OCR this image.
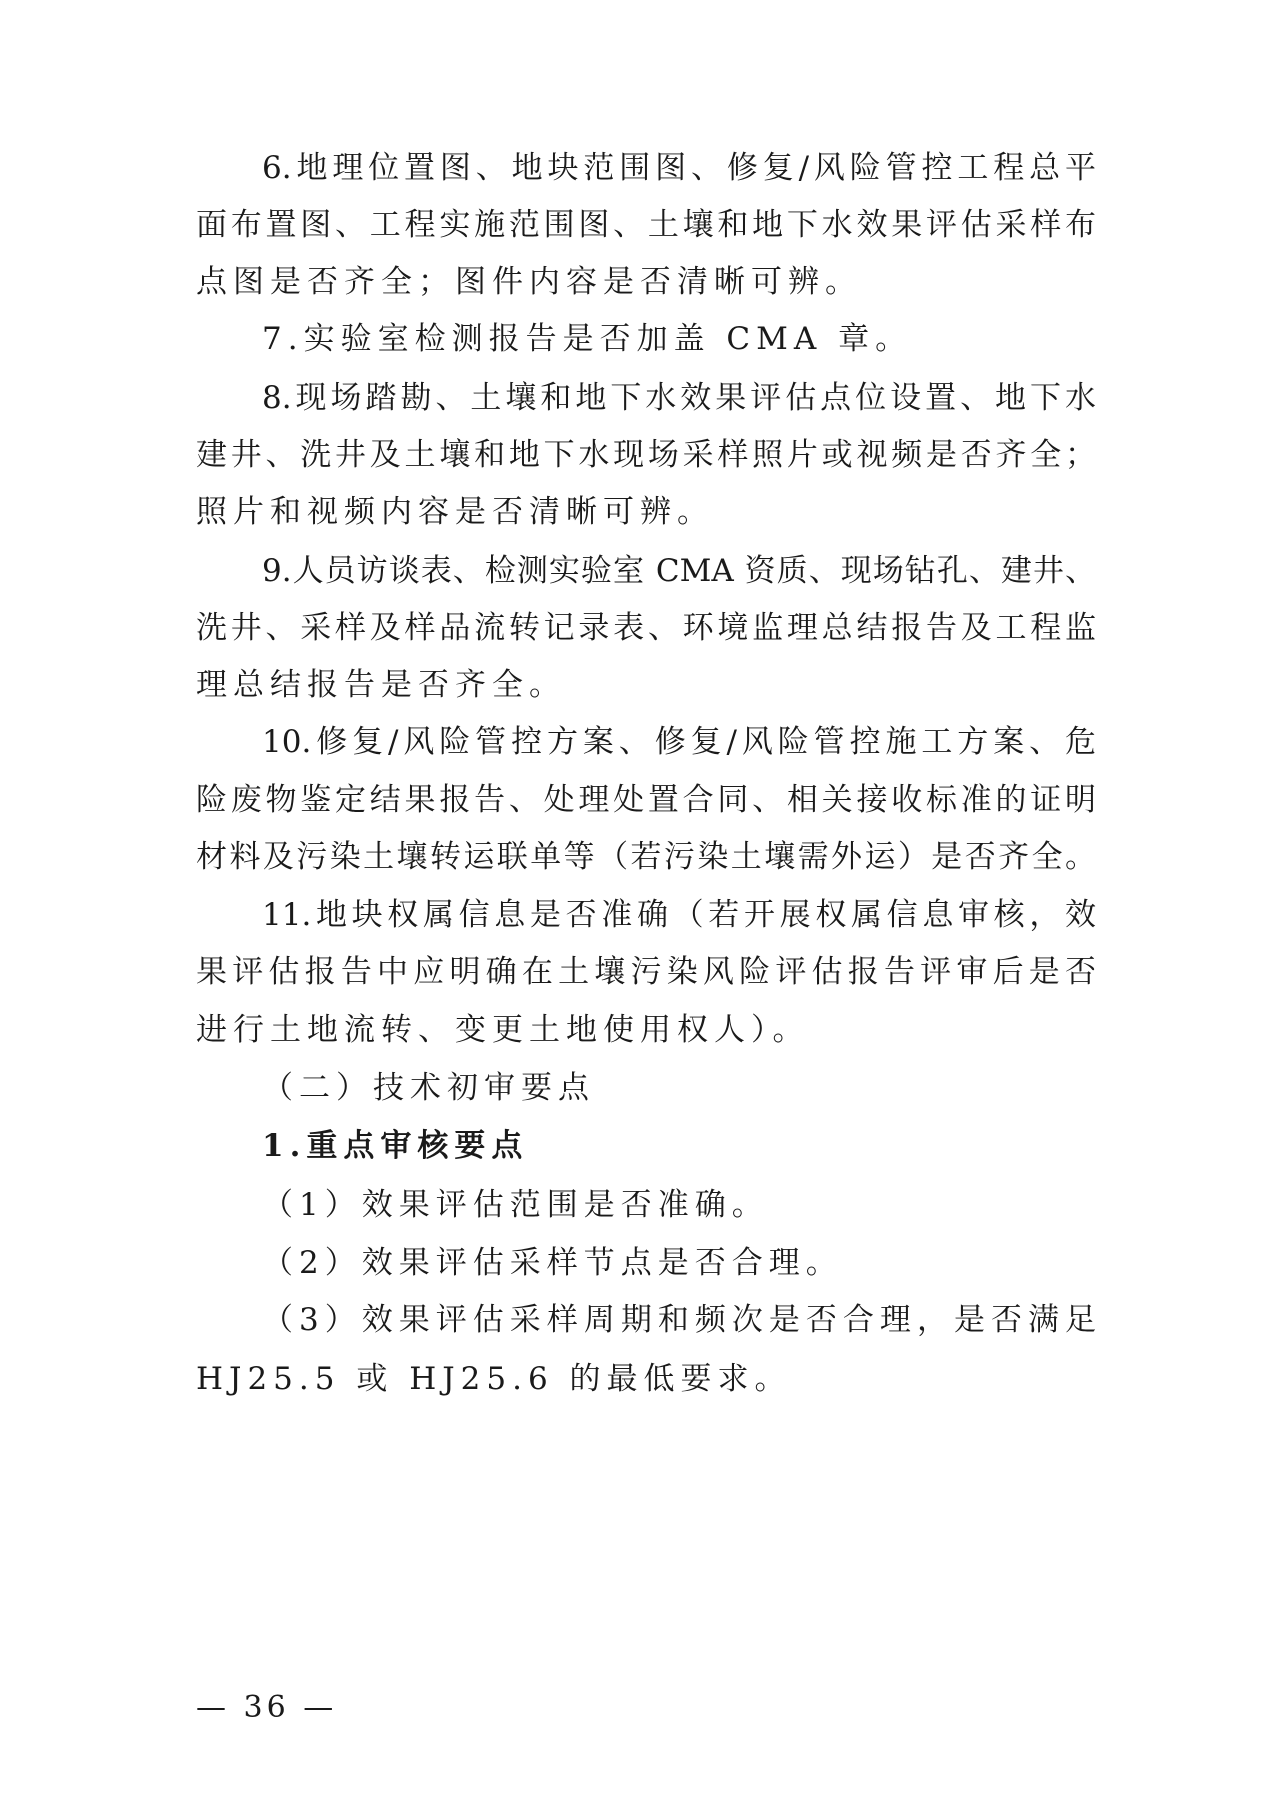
6.地理位置图、地块范围图、修复/风险管控工程总平
面布置图、工程实施范围图、土壤和地下水效果评估采样布
点图是否齐全；图件内容是否清晰可辨。
7.实验室检测报告是否加盖 CMA 章。
8.现场踏勘、土壤和地下水效果评估点位设置、地下水
建井、洗井及土壤和地下水现场采样照片或视频是否齐全；
照片和视频内容是否清晰可辨。
9.人员访谈表、检测实验室 CMA 资质、现场钻孔、建井、
洗井、采样及样品流转记录表、环境监理总结报告及工程监
理总结报告是否齐全。
10.修复/风险管控方案、修复/风险管控施工方案、危
险废物鉴定结果报告、处理处置合同、相关接收标准的证明
材料及污染土壤转运联单等（若污染土壤需外运）是否齐全。
11.地块权属信息是否准确（若开展权属信息审核，效
果评估报告中应明确在土壤污染风险评估报告评审后是否
进行土地流转、变更土地使用权人）。
（二）技术初审要点
1.重点审核要点
（1）效果评估范围是否准确。
（2）效果评估采样节点是否合理。
（3）效果评估采样周期和频次是否合理，是否满足
HJ25.5 或 HJ25.6 的最低要求。
— 36 —
